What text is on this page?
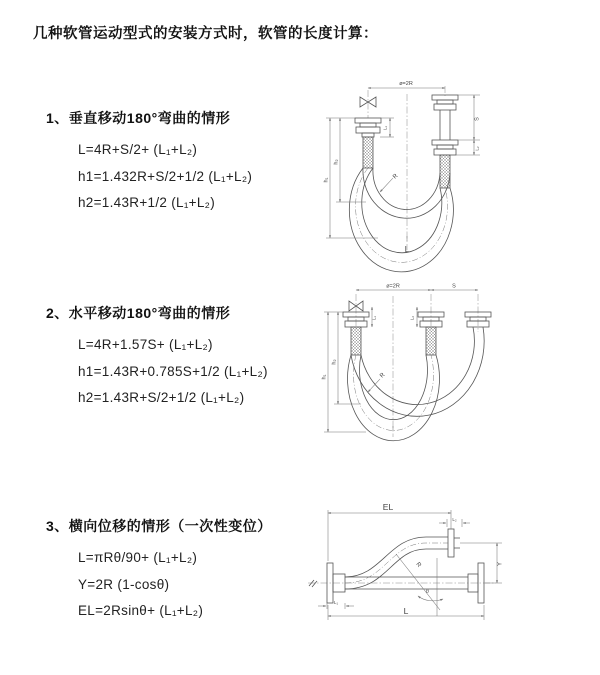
几种软管运动型式的安装方式时，软管的长度计算：

1、垂直移动180°弯曲的情形

L=4R+S/2+ (L₁+L₂)

h1=1.432R+S/2+1/2 (L₁+L₂)

h2=1.43R+1/2 (L₁+L₂)

2、水平移动180°弯曲的情形

L=4R+1.57S+ (L₁+L₂)

h1=1.43R+0.785S+1/2 (L₁+L₂)

h2=1.43R+S/2+1/2 (L₁+L₂)

3、横向位移的情形（一次性变位）

L=πRθ/90+ (L₁+L₂)

Y=2R (1-cosθ)

EL=2Rsinθ+ (L₁+L₂)

R
ø=2R
h₁
h₂
L₁
S
L₂
L
ø=2R	S
L₁	L₂
R
h₁
h₂
R
θ
EL
L₂
Y
L
L₁
